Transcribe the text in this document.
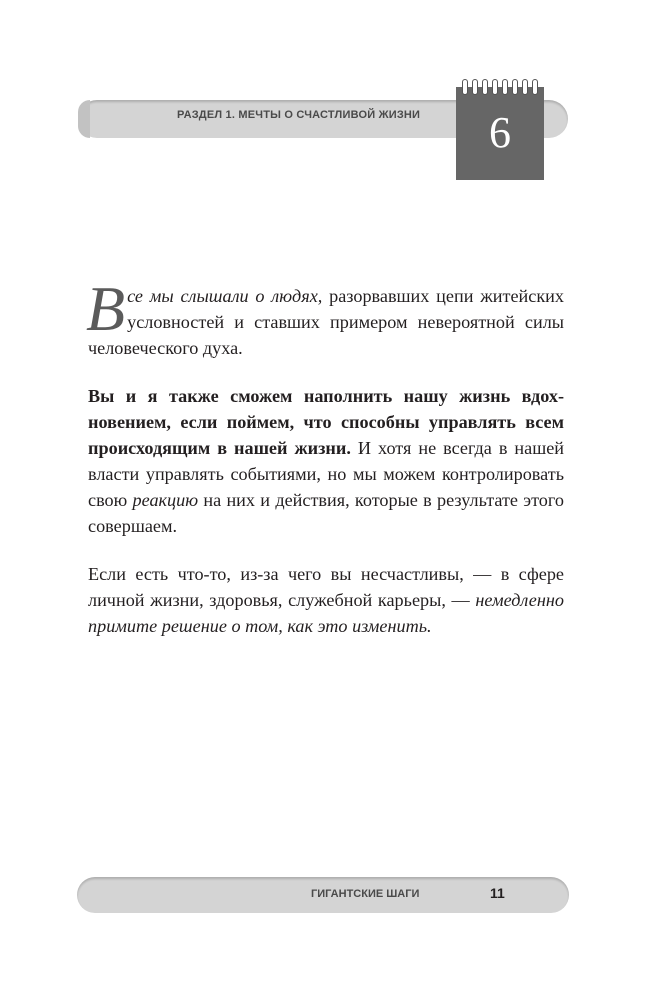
РАЗДЕЛ 1. МЕЧТЫ О СЧАСТЛИВОЙ ЖИЗНИ	6

Все мы слышали о людях, разорвавших цепи житейских условностей и ставших примером невероятной силы человеческого духа.

Вы и я также сможем наполнить нашу жизнь вдохновением, если поймем, что способны управлять всем происходящим в нашей жизни. И хотя не всегда в нашей власти управлять событиями, но мы можем контролировать свою реакцию на них и действия, которые в результате этого совершаем.

Если есть что-то, из-за чего вы несчастливы, — в сфере личной жизни, здоровья, служебной карьеры, — немедленно примите решение о том, как это изменить.

ГИГАНТСКИЕ ШАГИ	11
